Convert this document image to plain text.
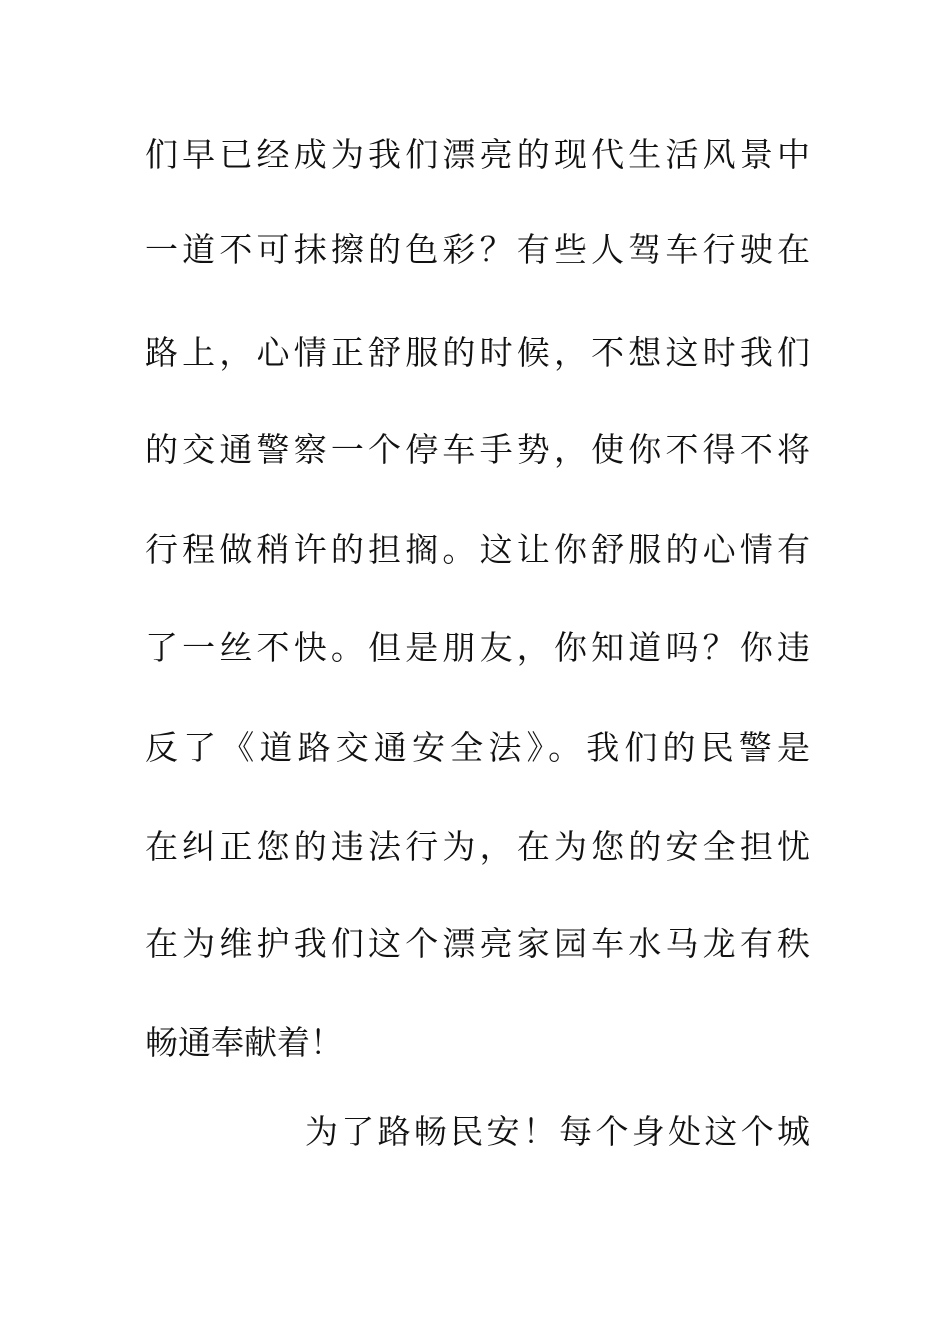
们早已经成为我们漂亮的现代生活风景中
一道不可抹擦的色彩？有些人驾车行驶在
路上，心情正舒服的时候，不想这时我们
的交通警察一个停车手势，使你不得不将
行程做稍许的担搁。这让你舒服的心情有
了一丝不快。但是朋友，你知道吗？你违
反了《道路交通安全法》。我们的民警是
在纠正您的违法行为，在为您的安全担忧
在为维护我们这个漂亮家园车水马龙有秩
畅通奉献着！
为了路畅民安！每个身处这个城
